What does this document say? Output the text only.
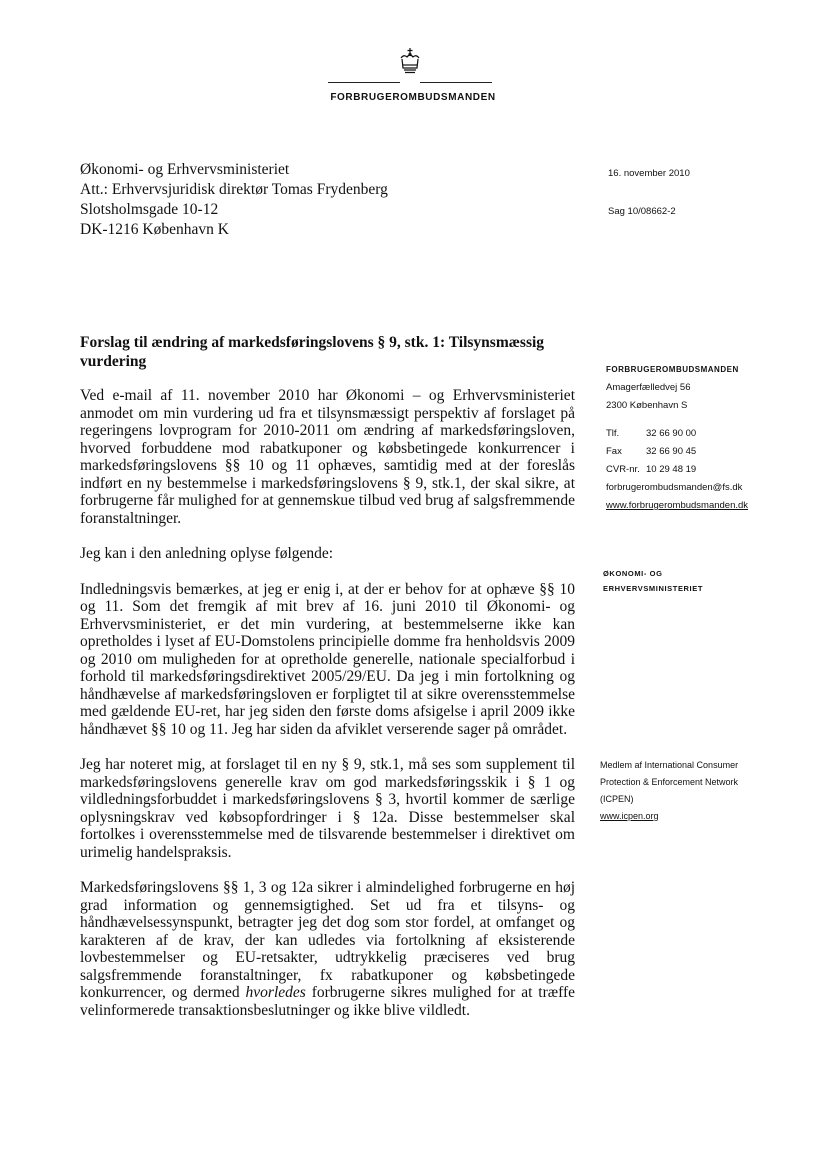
FORBRUGEROMBUDSMANDEN
Økonomi- og Erhvervsministeriet
Att.: Erhvervsjuridisk direktør Tomas Frydenberg
Slotsholmsgade 10-12
DK-1216 København K
16. november 2010
Sag 10/08662-2
Forslag til ændring af markedsføringslovens § 9, stk. 1: Tilsynsmæssig vurdering

Ved e-mail af 11. november 2010 har Økonomi – og Erhvervsministeriet anmodet om min vurdering ud fra et tilsynsmæssigt perspektiv af forslaget på regeringens lovprogram for 2010-2011 om ændring af markedsføringsloven, hvorved forbuddene mod rabatkuponer og købsbetingede konkurrencer i markedsføringslovens §§ 10 og 11 ophæves, samtidig med at der foreslås indført en ny bestemmelse i markedsføringslovens § 9, stk.1, der skal sikre, at forbrugerne får mulighed for at gennemskue tilbud ved brug af salgsfremmende foranstaltninger.

Jeg kan i den anledning oplyse følgende:

Indledningsvis bemærkes, at jeg er enig i, at der er behov for at ophæve §§ 10 og 11. Som det fremgik af mit brev af 16. juni 2010 til Økonomi- og Erhvervsministeriet, er det min vurdering, at bestemmelserne ikke kan opretholdes i lyset af EU-Domstolens principielle domme fra henholdsvis 2009 og 2010 om muligheden for at opretholde generelle, nationale specialforbud i forhold til markedsføringsdirektivet 2005/29/EU. Da jeg i min fortolkning og håndhævelse af markedsføringsloven er forpligtet til at sikre overensstemmelse med gældende EU-ret, har jeg siden den første doms afsigelse i april 2009 ikke håndhævet §§ 10 og 11. Jeg har siden da afviklet verserende sager på området.

Jeg har noteret mig, at forslaget til en ny § 9, stk.1, må ses som supplement til markedsføringslovens generelle krav om god markedsføringsskik i § 1 og vildledningsforbuddet i markedsføringslovens § 3, hvortil kommer de særlige oplysningskrav ved købsopfordringer i § 12a. Disse bestemmelser skal fortolkes i overensstemmelse med de tilsvarende bestemmelser i direktivet om urimelig handelspraksis.

Markedsføringslovens §§ 1, 3 og 12a sikrer i almindelighed forbrugerne en høj grad information og gennemsigtighed. Set ud fra et tilsyns- og håndhævelsessynspunkt, betragter jeg det dog som stor fordel, at omfanget og karakteren af de krav, der kan udledes via fortolkning af eksisterende lovbestemmelser og EU-retsakter, udtrykkelig præciseres ved brug salgsfremmende foranstaltninger, fx rabatkuponer og købsbetingede konkurrencer, og dermed hvorledes forbrugerne sikres mulighed for at træffe velinformerede transaktionsbeslutninger og ikke blive vildledt.

FORBRUGEROMBUDSMANDEN
Amagerfælledvej 56
2300 København S
Tlf.	32 66 90 00
Fax	32 66 90 45
CVR-nr. 10 29 48 19
forbrugerombudsmanden@fs.dk
www.forbrugerombudsmanden.dk
ØKONOMI- OG
ERHVERVSMINISTERIET
Medlem af International Consumer
Protection & Enforcement Network
(ICPEN)
www.icpen.org
